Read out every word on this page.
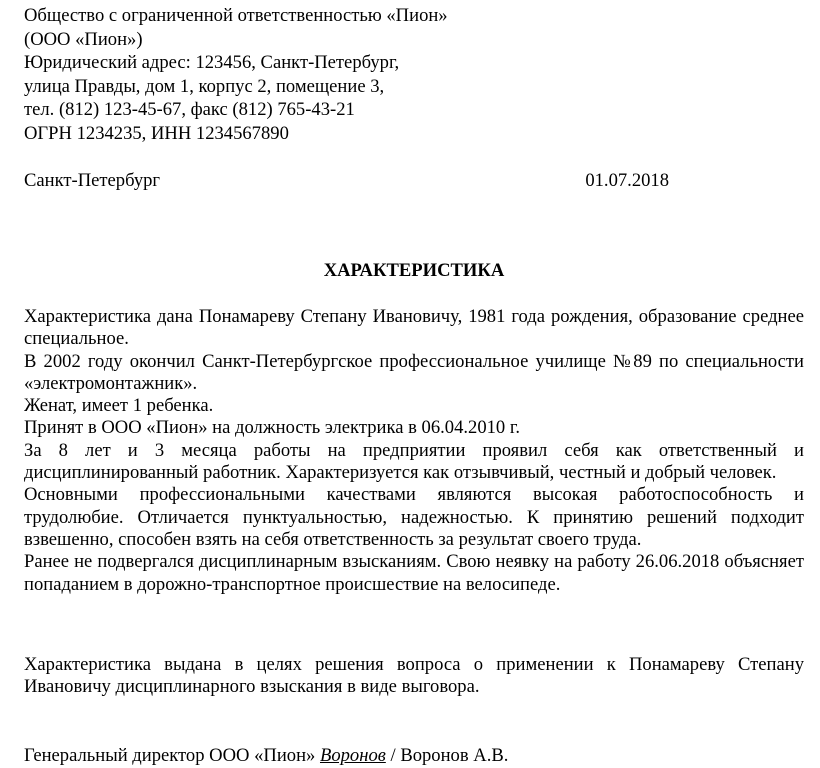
Общество с ограниченной ответственностью «Пион»
(ООО «Пион»)
Юридический адрес: 123456, Санкт-Петербург,
улица Правды, дом 1, корпус 2, помещение 3,
тел. (812) 123-45-67, факс (812) 765-43-21
ОГРН 1234235, ИНН 1234567890
Санкт-Петербург	01.07.2018
ХАРАКТЕРИСТИКА

Характеристика дана Понамареву Степану Ивановичу, 1981 года рождения, образование среднее специальное.

В 2002 году окончил Санкт-Петербургское профессиональное училище №89 по специальности «электромонтажник».

Женат, имеет 1 ребенка.

Принят в ООО «Пион» на должность электрика в 06.04.2010 г.

За 8 лет и 3 месяца работы на предприятии проявил себя как ответственный и дисциплинированный работник. Характеризуется как отзывчивый, честный и добрый человек.

Основными профессиональными качествами являются высокая работоспособность и трудолюбие. Отличается пунктуальностью, надежностью. К принятию решений подходит взвешенно, способен взять на себя ответственность за результат своего труда.

Ранее не подвергался дисциплинарным взысканиям. Свою неявку на работу 26.06.2018 объясняет попаданием в дорожно-транспортное происшествие на велосипеде.

Характеристика выдана в целях решения вопроса о применении к Понамареву Степану Ивановичу дисциплинарного взыскания в виде выговора.

Генеральный директор ООО «Пион» Воронов / Воронов А.В.
